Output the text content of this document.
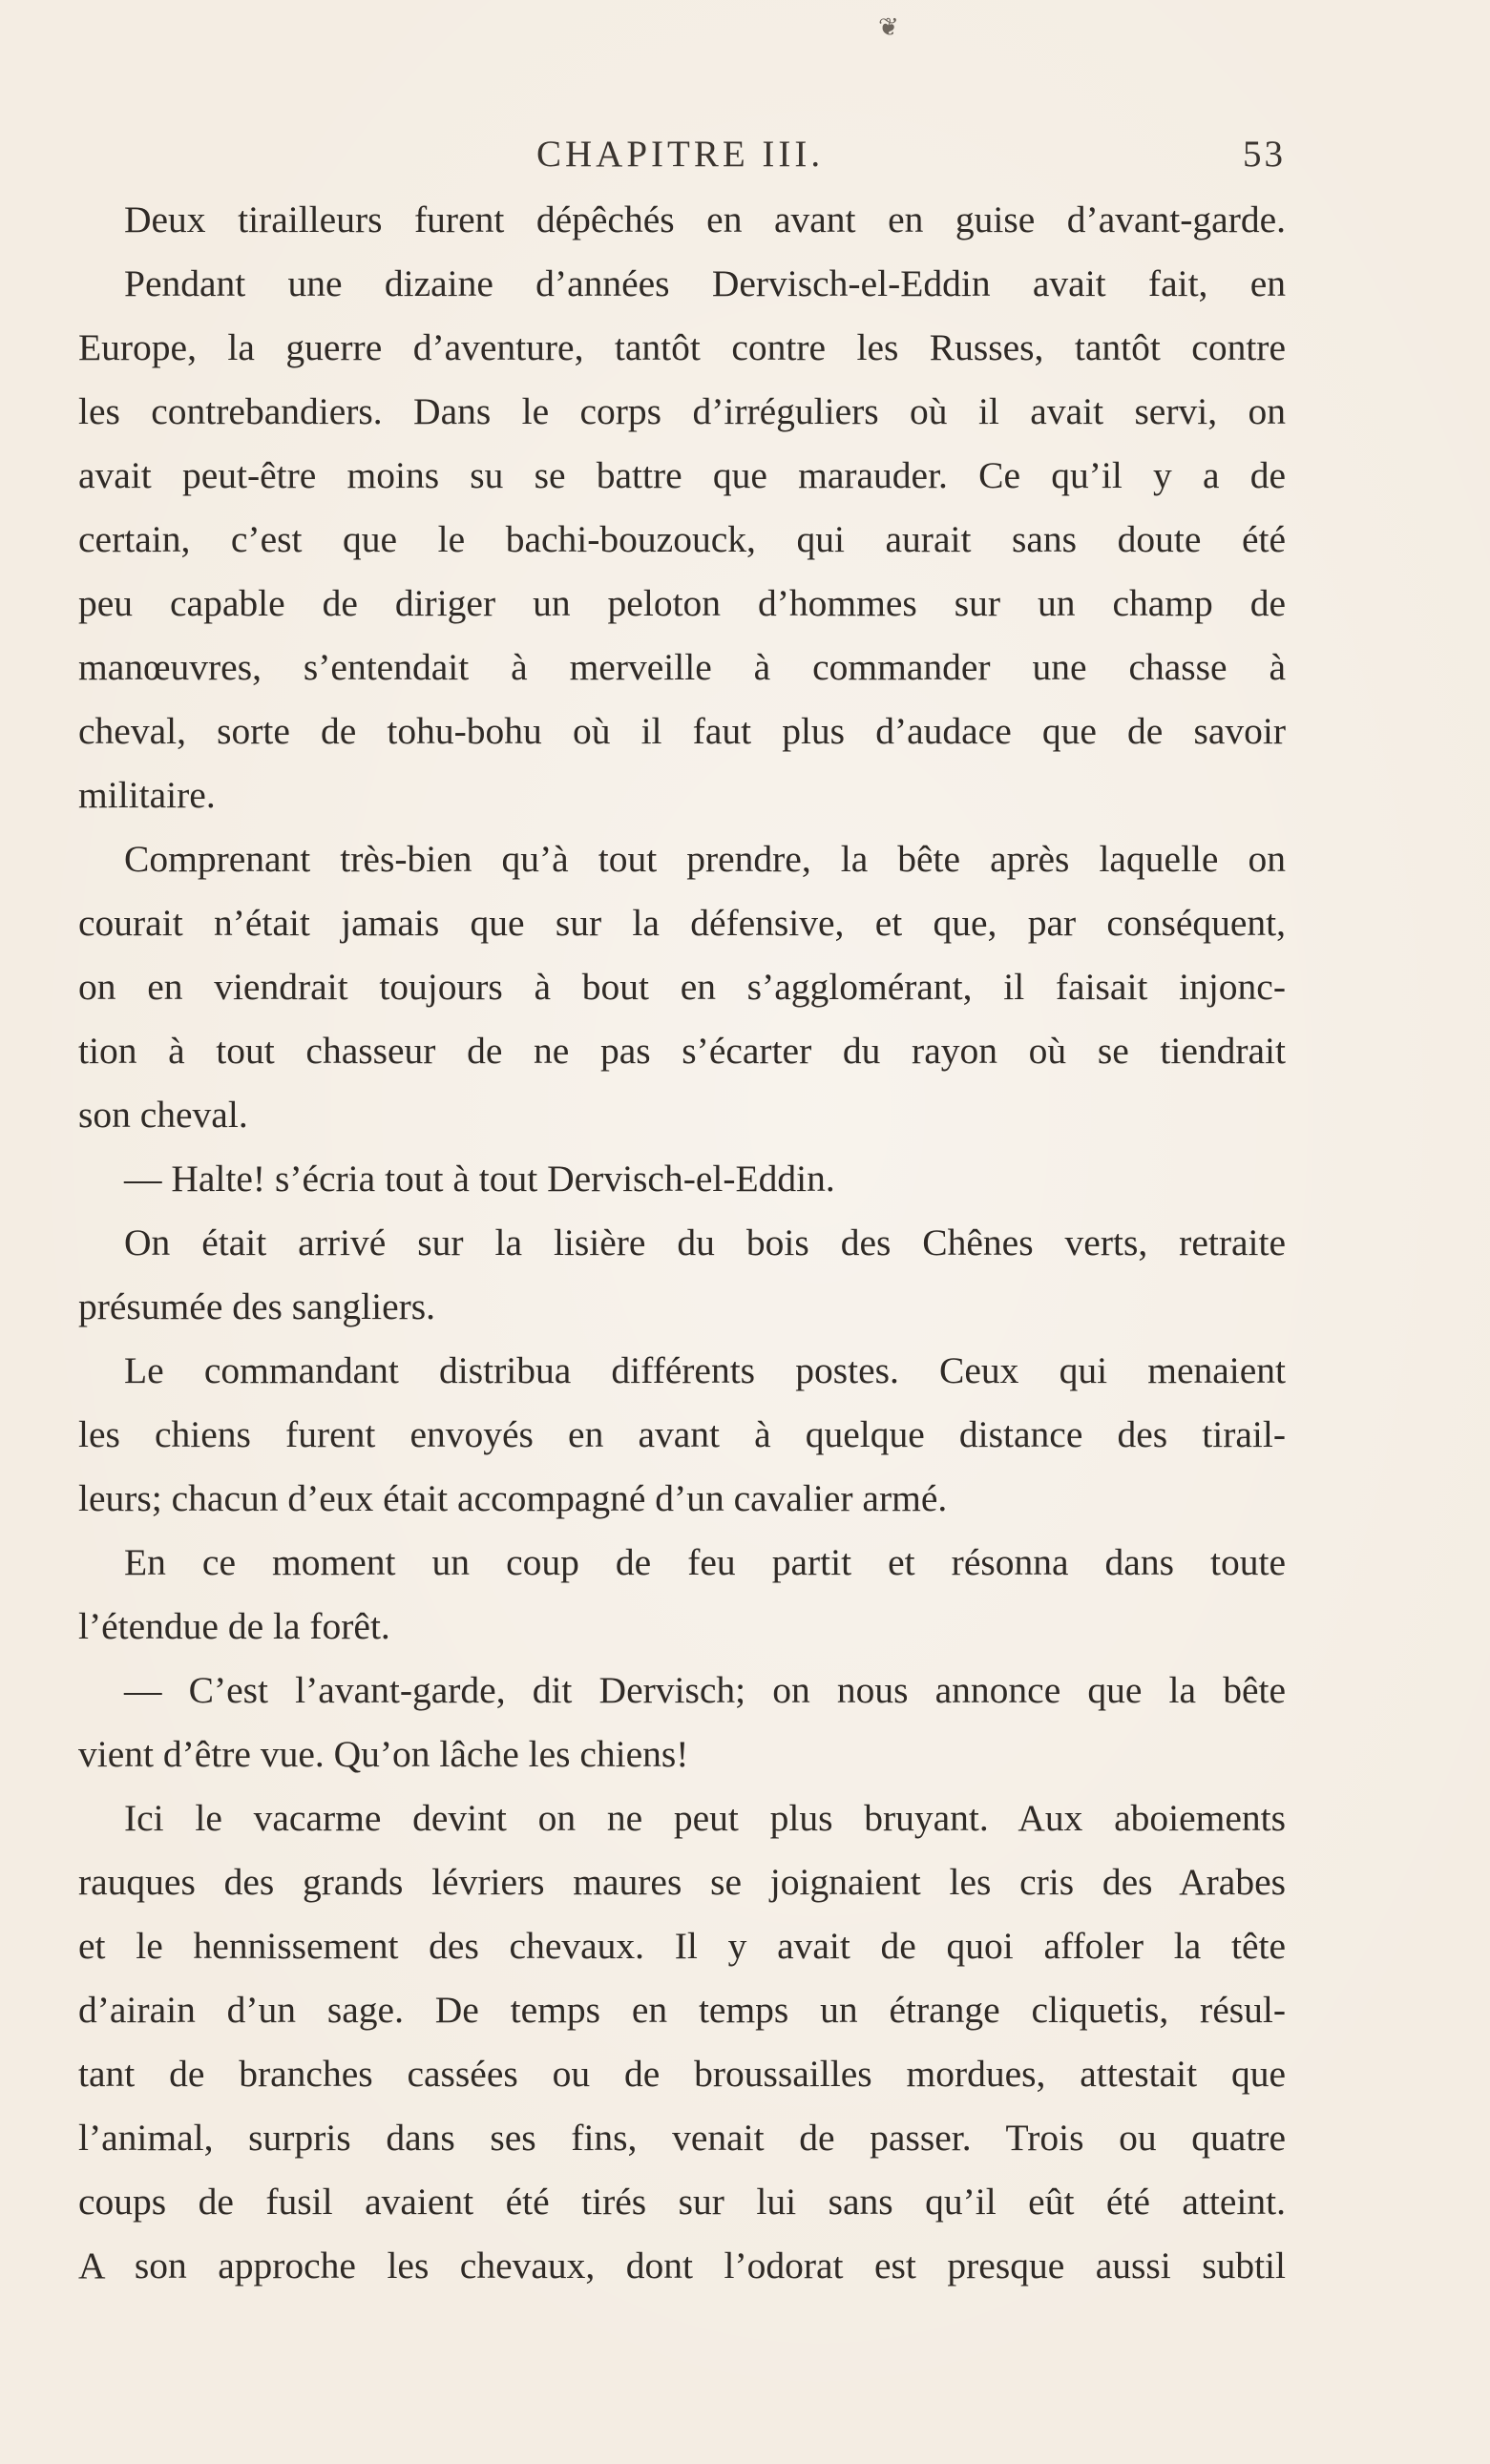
❦
CHAPITRE III.	53
Deux tirailleurs furent dépêchés en avant en guise d’avant-garde.
Pendant une dizaine d’années Dervisch-el-Eddin avait fait, en
Europe, la guerre d’aventure, tantôt contre les Russes, tantôt contre
les contrebandiers. Dans le corps d’irréguliers où il avait servi, on
avait peut-être moins su se battre que marauder. Ce qu’il y a de
certain, c’est que le bachi-bouzouck, qui aurait sans doute été
peu capable de diriger un peloton d’hommes sur un champ de
manœuvres, s’entendait à merveille à commander une chasse à
cheval, sorte de tohu-bohu où il faut plus d’audace que de savoir
militaire.
Comprenant très-bien qu’à tout prendre, la bête après laquelle on
courait n’était jamais que sur la défensive, et que, par conséquent,
on en viendrait toujours à bout en s’agglomérant, il faisait injonc-
tion à tout chasseur de ne pas s’écarter du rayon où se tiendrait
son cheval.
— Halte! s’écria tout à tout Dervisch-el-Eddin.
On était arrivé sur la lisière du bois des Chênes verts, retraite
présumée des sangliers.
Le commandant distribua différents postes. Ceux qui menaient
les chiens furent envoyés en avant à quelque distance des tirail-
leurs; chacun d’eux était accompagné d’un cavalier armé.
En ce moment un coup de feu partit et résonna dans toute
l’étendue de la forêt.
— C’est l’avant-garde, dit Dervisch; on nous annonce que la bête
vient d’être vue. Qu’on lâche les chiens!
Ici le vacarme devint on ne peut plus bruyant. Aux aboiements
rauques des grands lévriers maures se joignaient les cris des Arabes
et le hennissement des chevaux. Il y avait de quoi affoler la tête
d’airain d’un sage. De temps en temps un étrange cliquetis, résul-
tant de branches cassées ou de broussailles mordues, attestait que
l’animal, surpris dans ses fins, venait de passer. Trois ou quatre
coups de fusil avaient été tirés sur lui sans qu’il eût été atteint.
A son approche les chevaux, dont l’odorat est presque aussi subtil
